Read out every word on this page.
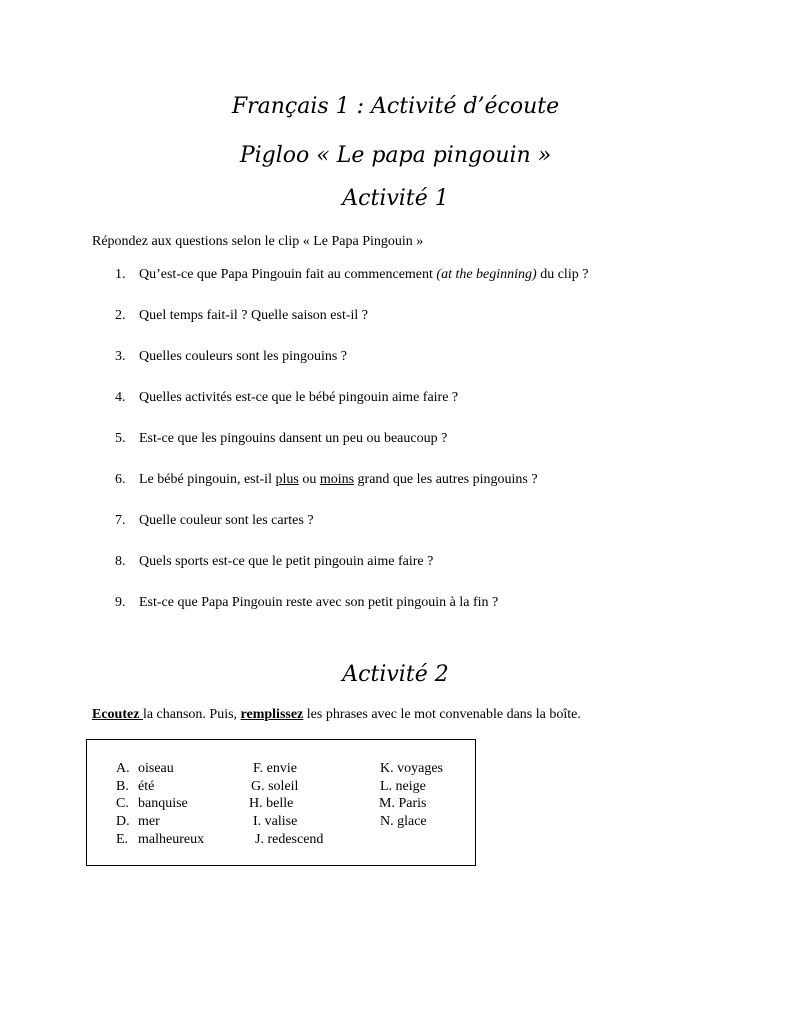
Français 1 : Activité d’écoute
Pigloo « Le papa pingouin »
Activité 1
Répondez aux questions selon le clip « Le Papa Pingouin »
1. Qu’est-ce que Papa Pingouin fait au commencement (at the beginning) du clip ?
2. Quel temps fait-il ? Quelle saison est-il ?
3. Quelles couleurs sont les pingouins ?
4. Quelles activités est-ce que le bébé pingouin aime faire ?
5. Est-ce que les pingouins dansent un peu ou beaucoup ?
6. Le bébé pingouin, est-il plus ou moins grand que les autres pingouins ?
7. Quelle couleur sont les cartes ?
8. Quels sports est-ce que le petit pingouin aime faire ?
9. Est-ce que Papa Pingouin reste avec son petit pingouin à la fin ?
Activité 2
Ecoutez la chanson. Puis, remplissez les phrases avec le mot convenable dans la boîte.
A. oiseau
B. été
C. banquise
D. mer
E. malheureux
F. envie
G. soleil
H. belle
I. valise
J. redescend
K. voyages
L. neige
M. Paris
N. glace
